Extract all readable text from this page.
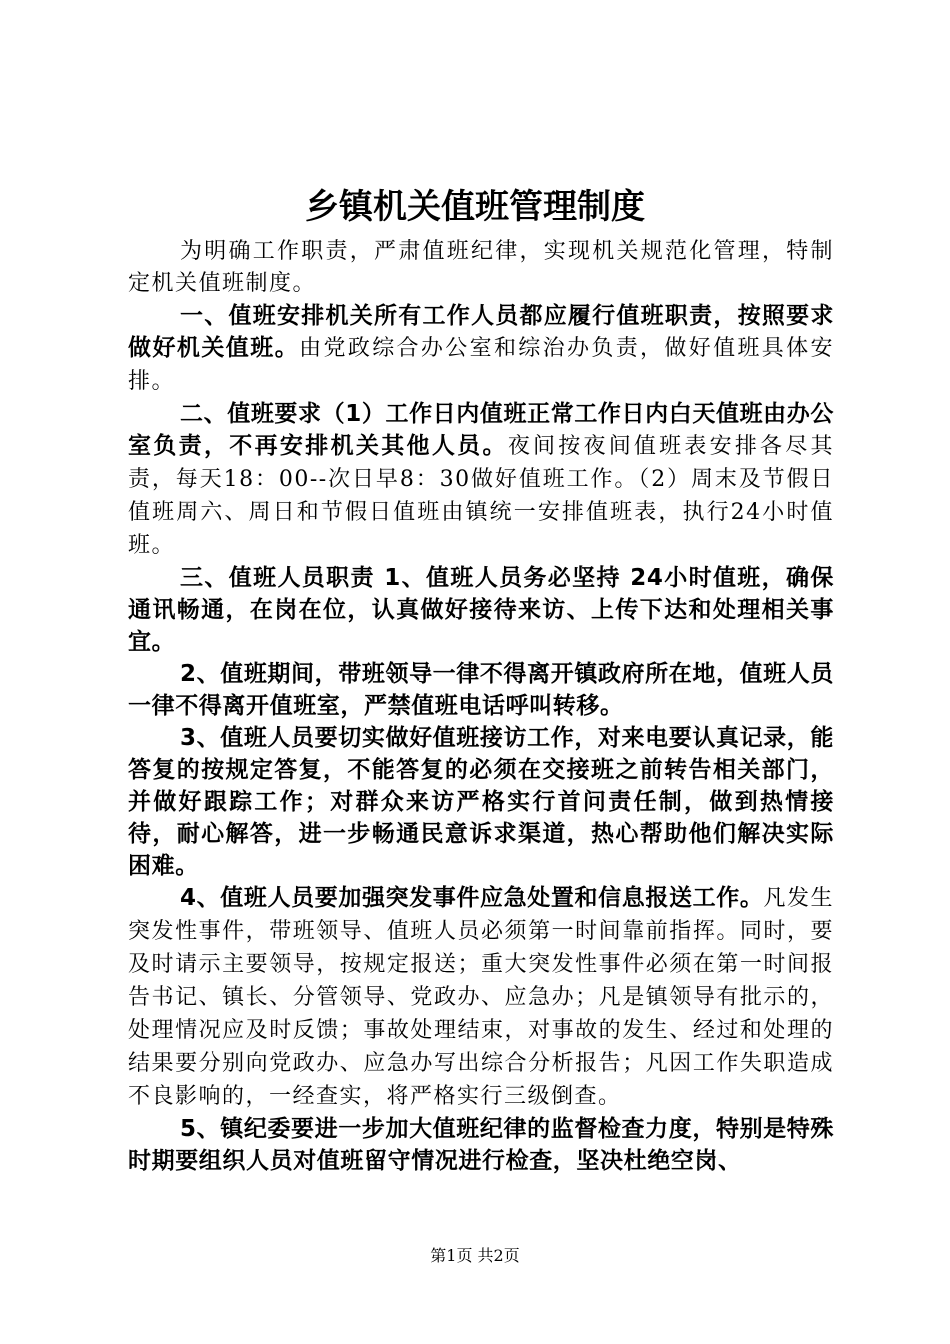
乡镇机关值班管理制度

为明确工作职责，严肃值班纪律，实现机关规范化管理，特制定机关值班制度。

一、值班安排机关所有工作人员都应履行值班职责，按照要求做好机关值班。由党政综合办公室和综治办负责，做好值班具体安排。

二、值班要求（1）工作日内值班正常工作日内白天值班由办公室负责，不再安排机关其他人员。夜间按夜间值班表安排各尽其责，每天18：00--次日早8：30做好值班工作。（2）周末及节假日值班周六、周日和节假日值班由镇统一安排值班表，执行24小时值班。

三、值班人员职责 1、值班人员务必坚持 24小时值班，确保通讯畅通，在岗在位，认真做好接待来访、上传下达和处理相关事宜。

2、值班期间，带班领导一律不得离开镇政府所在地，值班人员一律不得离开值班室，严禁值班电话呼叫转移。

3、值班人员要切实做好值班接访工作，对来电要认真记录，能答复的按规定答复，不能答复的必须在交接班之前转告相关部门，并做好跟踪工作；对群众来访严格实行首问责任制，做到热情接待，耐心解答，进一步畅通民意诉求渠道，热心帮助他们解决实际困难。

4、值班人员要加强突发事件应急处置和信息报送工作。凡发生突发性事件，带班领导、值班人员必须第一时间靠前指挥。同时，要及时请示主要领导，按规定报送；重大突发性事件必须在第一时间报告书记、镇长、分管领导、党政办、应急办；凡是镇领导有批示的，处理情况应及时反馈；事故处理结束，对事故的发生、经过和处理的结果要分别向党政办、应急办写出综合分析报告；凡因工作失职造成不良影响的，一经查实，将严格实行三级倒查。

5、镇纪委要进一步加大值班纪律的监督检查力度，特别是特殊时期要组织人员对值班留守情况进行检查，坚决杜绝空岗、

第1页 共2页
